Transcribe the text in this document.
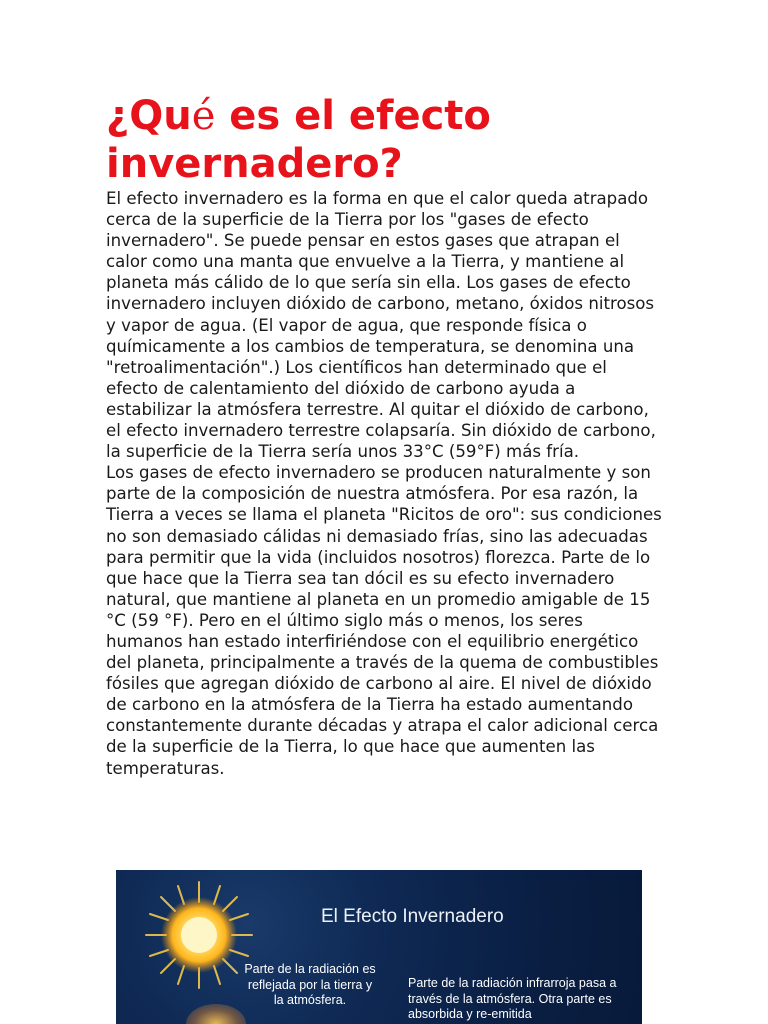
¿Qué es el efecto invernadero?

El efecto invernadero es la forma en que el calor queda atrapado cerca de la superficie de la Tierra por los "gases de efecto invernadero". Se puede pensar en estos gases que atrapan el calor como una manta que envuelve a la Tierra, y mantiene al planeta más cálido de lo que sería sin ella. Los gases de efecto invernadero incluyen dióxido de carbono, metano, óxidos nitrosos y vapor de agua. (El vapor de agua, que responde física o químicamente a los cambios de temperatura, se denomina una "retroalimentación".) Los científicos han determinado que el efecto de calentamiento del dióxido de carbono ayuda a estabilizar la atmósfera terrestre. Al quitar el dióxido de carbono, el efecto invernadero terrestre colapsaría. Sin dióxido de carbono, la superficie de la Tierra sería unos 33°C (59°F) más fría.

Los gases de efecto invernadero se producen naturalmente y son parte de la composición de nuestra atmósfera. Por esa razón, la Tierra a veces se llama el planeta "Ricitos de oro": sus condiciones no son demasiado cálidas ni demasiado frías, sino las adecuadas para permitir que la vida (incluidos nosotros) florezca. Parte de lo que hace que la Tierra sea tan dócil es su efecto invernadero natural, que mantiene al planeta en un promedio amigable de 15 °C (59 °F). Pero en el último siglo más o menos, los seres humanos han estado interfiriéndose con el equilibrio energético del planeta, principalmente a través de la quema de combustibles fósiles que agregan dióxido de carbono al aire. El nivel de dióxido de carbono en la atmósfera de la Tierra ha estado aumentando constantemente durante décadas y atrapa el calor adicional cerca de la superficie de la Tierra, lo que hace que aumenten las temperaturas.

El Efecto Invernadero
Parte de la radiación es reflejada por la tierra y la atmósfera.
Parte de la radiación infrarroja pasa a través de la atmósfera. Otra parte es absorbida y re-emitida
